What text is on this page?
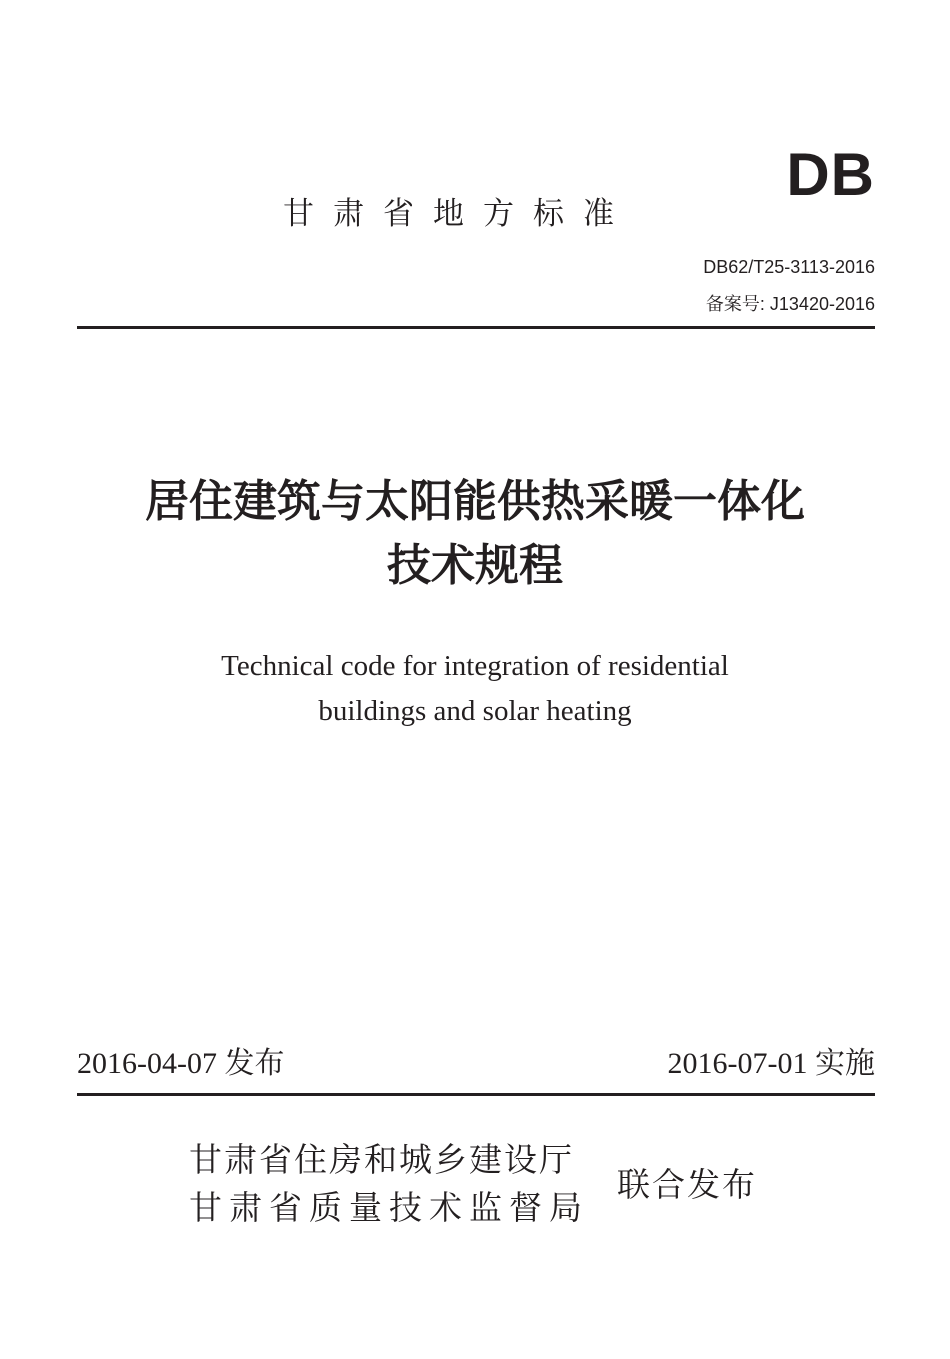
DB
甘肃省地方标准
DB62/T25-3113-2016
备案号: J13420-2016
居住建筑与太阳能供热采暖一体化
技术规程
Technical code for integration of residential
buildings and solar heating
2016-04-07 发布	2016-07-01 实施
甘肃省住房和城乡建设厅
甘肃省质量技术监督局
联合发布
